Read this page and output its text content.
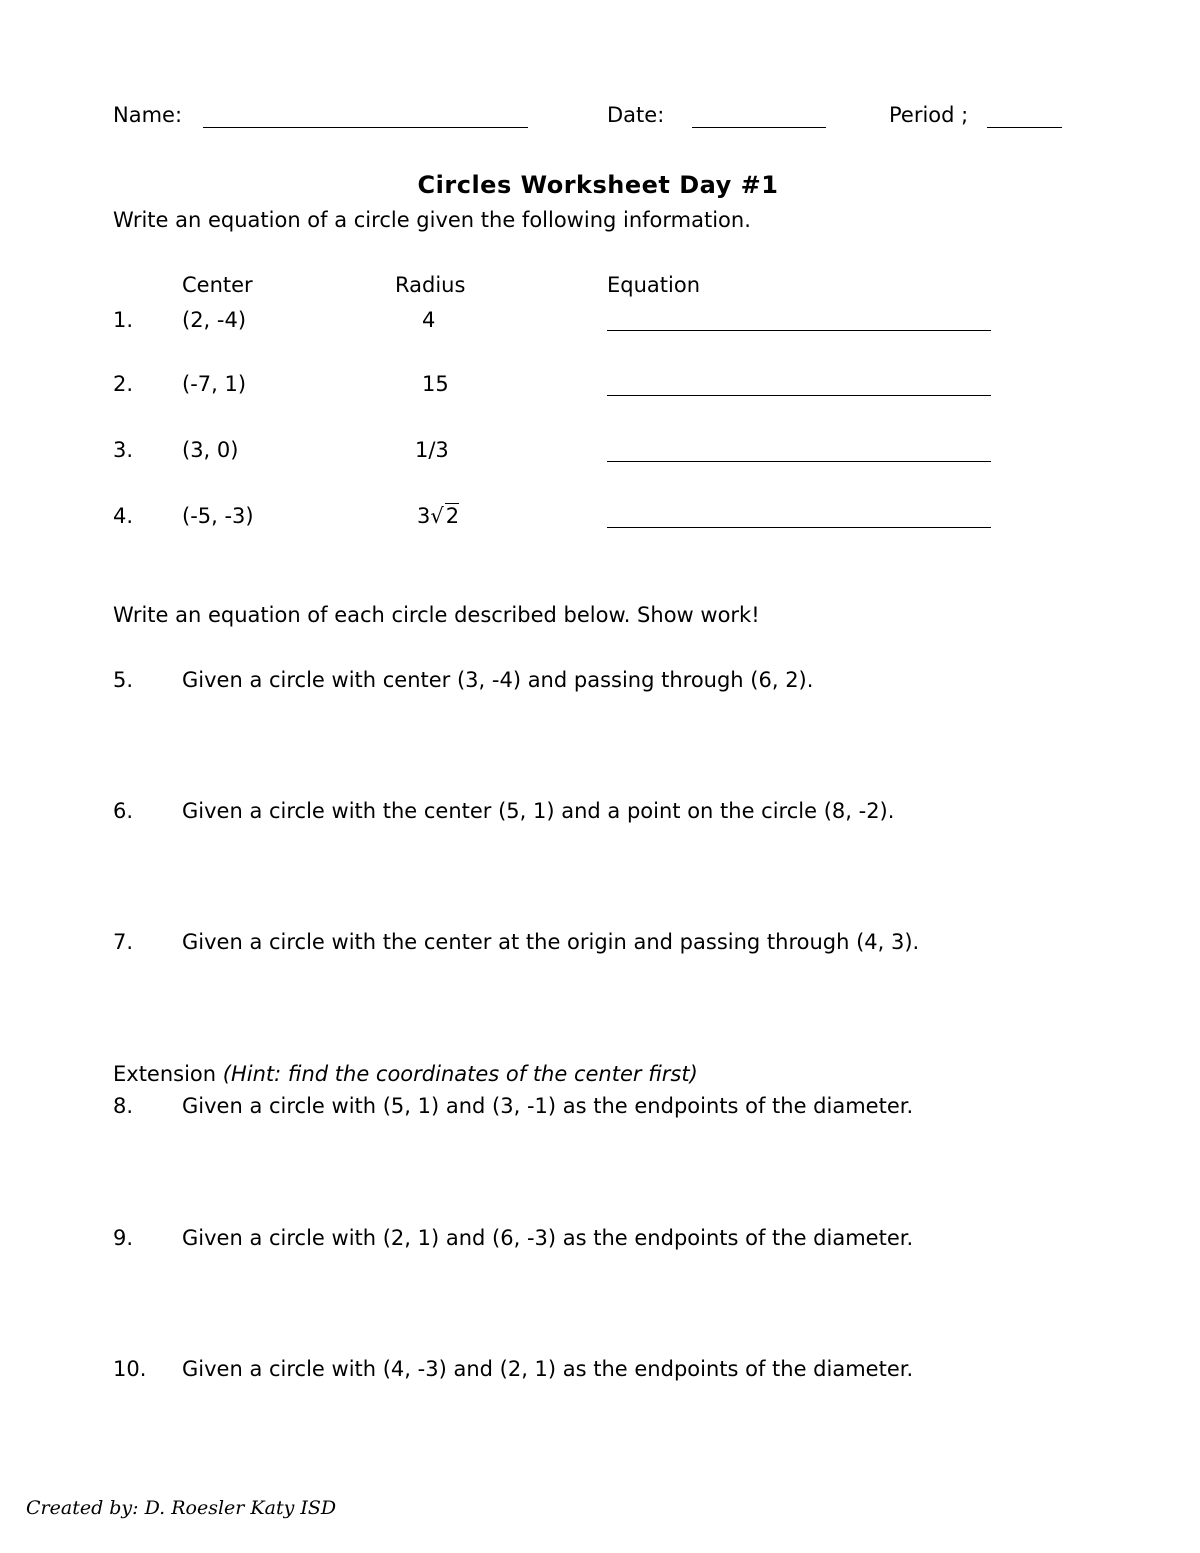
Name:	Date:	Period ;
Circles Worksheet Day #1
Write an equation of a circle given the following information.
Center	Radius	Equation
1. (2, -4)	4
2. (-7, 1)	15
3. (3, 0)	1/3
4. (-5, -3)	3√2
Write an equation of each circle described below. Show work!
5. Given a circle with center (3, -4) and passing through (6, 2).
6. Given a circle with the center (5, 1) and a point on the circle (8, -2).
7. Given a circle with the center at the origin and passing through (4, 3).
Extension (Hint: find the coordinates of the center first)
8. Given a circle with (5, 1) and (3, -1) as the endpoints of the diameter.
9. Given a circle with (2, 1) and (6, -3) as the endpoints of the diameter.
10. Given a circle with (4, -3) and (2, 1) as the endpoints of the diameter.
Created by: D. Roesler Katy ISD
